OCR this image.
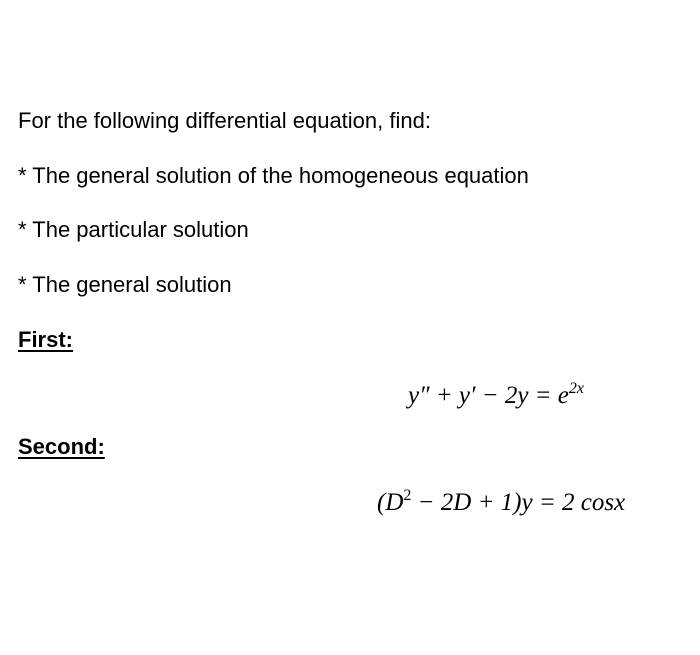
For the following differential equation, find:
* The general solution of the homogeneous equation
* The particular solution
* The general solution
First:
$y'' + y' - 2y = e^{2x}$
Second:
$(D^2 - 2D + 1)y = 2$ cosx
